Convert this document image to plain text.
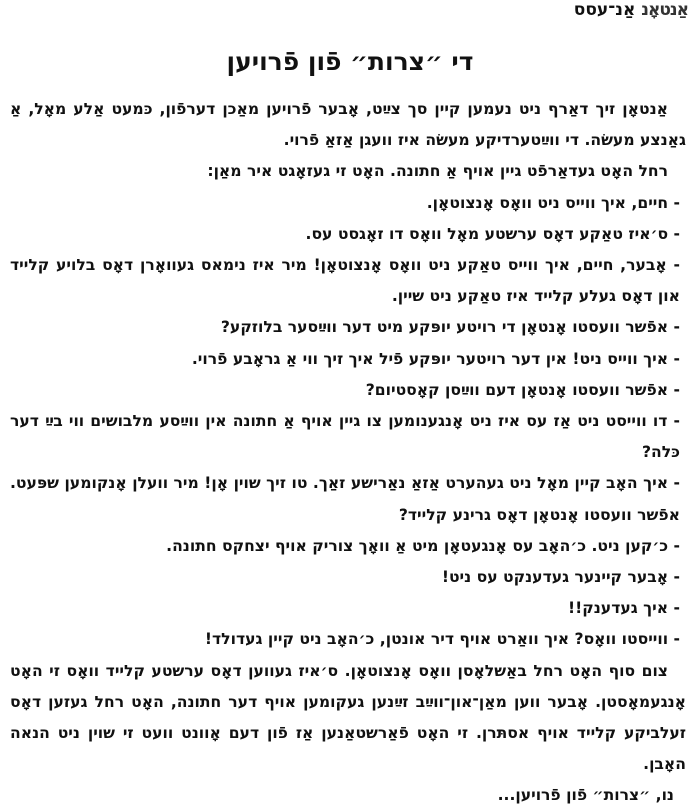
אַנטאָנ אַנ־עסס
די ״צרות״ פֿון פֿרויען

אַנטאָן זיך דאַרף ניט נעמען קיין סך צײַט, אָבער פֿרויען מאַכן דערפֿון, כּמעט אַלע מאָל, אַ גאַנצע מעשׂה. די ווײַטערדיקע מעשׂה איז וועגן אַזאַ פֿרוי.

רחל האָט געדאַרפֿט גיין אויף אַ חתונה. האָט זי געזאָגט איר מאַן:

- חיים, איך ווייס ניט וואָס אָנצוטאָן.

- ס׳איז טאַקע דאָס ערשטע מאָל וואָס דו זאָגסט עס.

- אָבער, חיים, איך ווייס טאַקע ניט וואָס אָנצוטאָן! מיר איז נימאס געוואָרן דאָס בלויע קלייד און דאָס געלע קלייד איז טאַקע ניט שיין.

- אפֿשר וועסטו אָנטאָן די רויטע יופּקע מיט דער ווײַסער בלוזקע?

- איך ווייס ניט! אין דער רויטער יופּקע פֿיל איך זיך ווי אַ גראָבע פֿרוי.

- אפֿשר וועסטו אָנטאָן דעם ווײַסן קאָסטיום?

- דו ווייסט ניט אַז עס איז ניט אָנגענומען צו גיין אויף אַ חתונה אין ווײַסע מלבושים ווי בײַ דער כּלה?

- איך האָב קיין מאָל ניט געהערט אַזאַ נאַרישע זאַך. טו זיך שוין אָן! מיר וועלן אָנקומען שפּעט. אפֿשר וועסטו אָנטאָן דאָס גרינע קלייד?

- כ׳קען ניט. כ׳האָב עס אָנגעטאָן מיט אַ וואָך צוריק אויף יצחקס חתונה.

- אָבער קיינער געדענקט עס ניט!

- איך געדענק!!

- ווייסטו וואָס? איך וואַרט אויף דיר אונטן, כ׳האָב ניט קיין געדולד!

צום סוף האָט רחל באַשלאָסן וואָס אָנצוטאָן. ס׳איז געווען דאָס ערשטע קלייד וואָס זי האָט אָנגעמאָסטן. אָבער ווען מאַן־און־ווײַב זײַנען געקומען אויף דער חתונה, האָט רחל געזען דאָס זעלביקע קלייד אויף אסתּרן. זי האָט פֿאַרשטאַנען אַז פֿון דעם אָוונט וועט זי שוין ניט הנאה האָבן.

נו, ״צרות״ פֿון פֿרויען...
